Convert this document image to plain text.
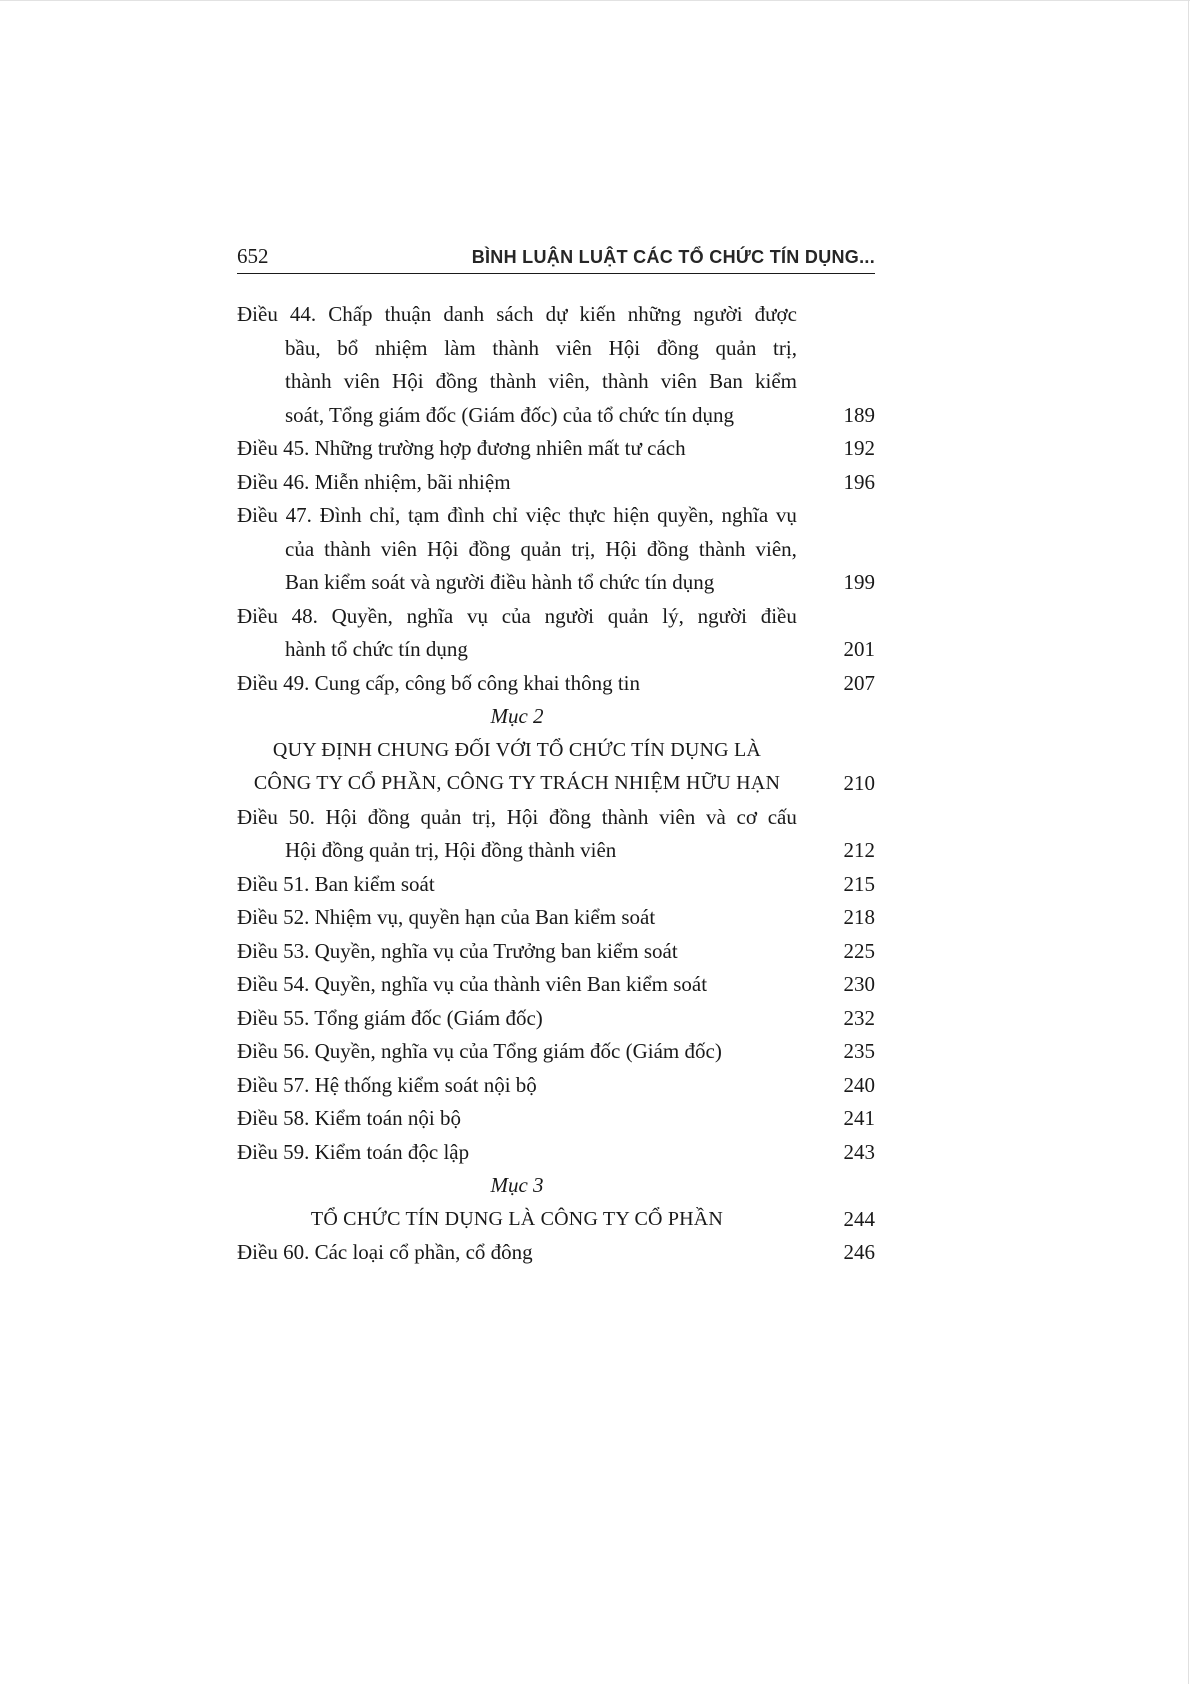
652	BÌNH LUẬN LUẬT CÁC TỔ CHỨC TÍN DỤNG...
Điều 44. Chấp thuận danh sách dự kiến những người được
bầu, bổ nhiệm làm thành viên Hội đồng quản trị,
thành viên Hội đồng thành viên, thành viên Ban kiểm
soát, Tổng giám đốc (Giám đốc) của tổ chức tín dụng	189
Điều 45. Những trường hợp đương nhiên mất tư cách	192
Điều 46. Miễn nhiệm, bãi nhiệm	196
Điều 47. Đình chỉ, tạm đình chỉ việc thực hiện quyền, nghĩa vụ
của thành viên Hội đồng quản trị, Hội đồng thành viên,
Ban kiểm soát và người điều hành tổ chức tín dụng	199
Điều 48. Quyền, nghĩa vụ của người quản lý, người điều
hành tổ chức tín dụng	201
Điều 49. Cung cấp, công bố công khai thông tin	207
Mục 2
QUY ĐỊNH CHUNG ĐỐI VỚI TỔ CHỨC TÍN DỤNG LÀ
CÔNG TY CỔ PHẦN, CÔNG TY TRÁCH NHIỆM HỮU HẠN	210
Điều 50. Hội đồng quản trị, Hội đồng thành viên và cơ cấu
Hội đồng quản trị, Hội đồng thành viên	212
Điều 51. Ban kiểm soát	215
Điều 52. Nhiệm vụ, quyền hạn của Ban kiểm soát	218
Điều 53. Quyền, nghĩa vụ của Trưởng ban kiểm soát	225
Điều 54. Quyền, nghĩa vụ của thành viên Ban kiểm soát	230
Điều 55. Tổng giám đốc (Giám đốc)	232
Điều 56. Quyền, nghĩa vụ của Tổng giám đốc (Giám đốc)	235
Điều 57. Hệ thống kiểm soát nội bộ	240
Điều 58. Kiểm toán nội bộ	241
Điều 59. Kiểm toán độc lập	243
Mục 3
TỔ CHỨC TÍN DỤNG LÀ CÔNG TY CỔ PHẦN	244
Điều 60. Các loại cổ phần, cổ đông	246
